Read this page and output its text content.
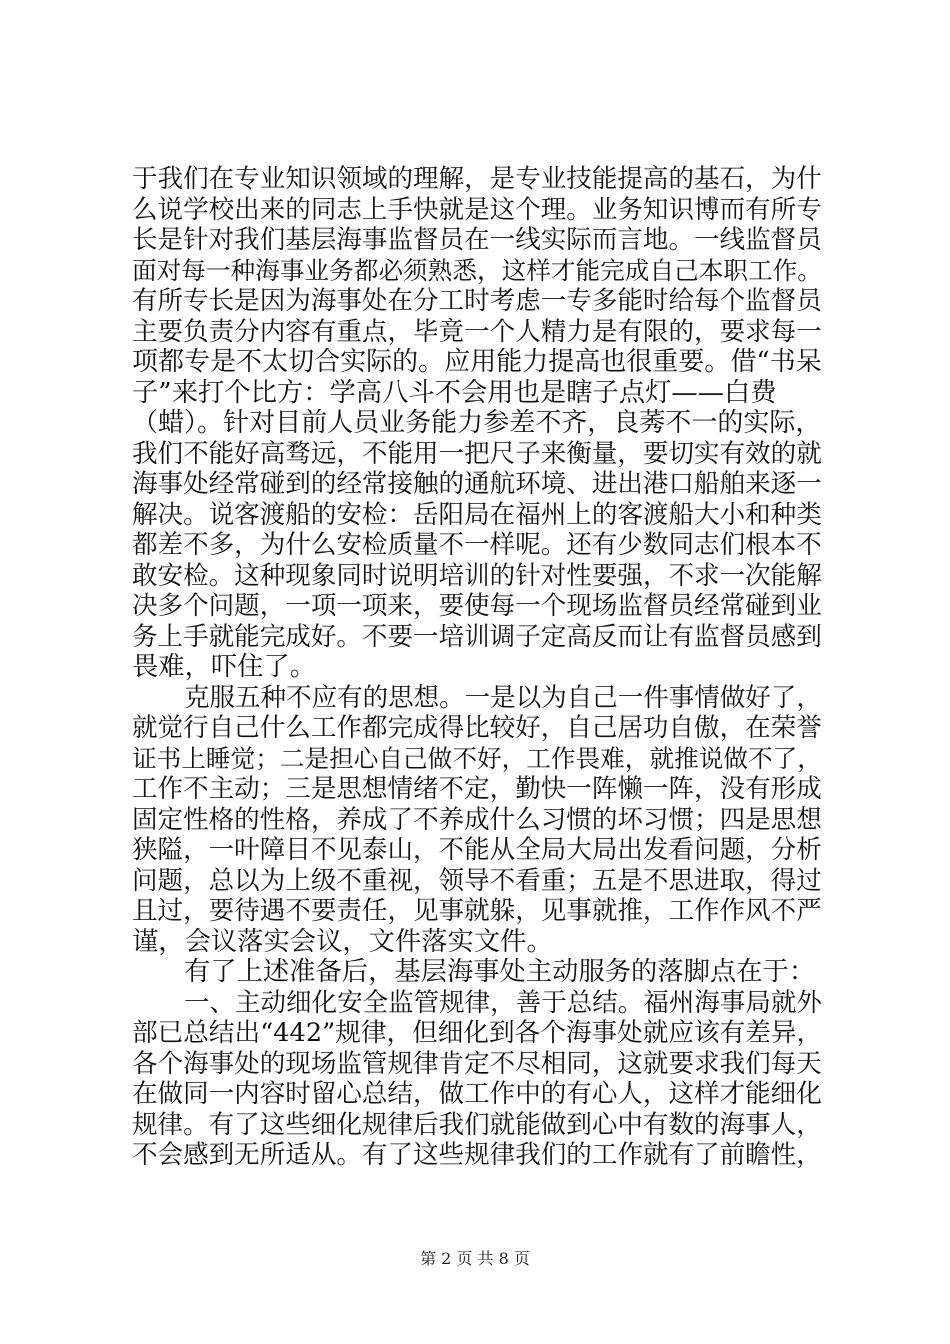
于我们在专业知识领域的理解，是专业技能提高的基石，为什
么说学校出来的同志上手快就是这个理。业务知识博而有所专
长是针对我们基层海事监督员在一线实际而言地。一线监督员
面对每一种海事业务都必须熟悉，这样才能完成自己本职工作。
有所专长是因为海事处在分工时考虑一专多能时给每个监督员
主要负责分内容有重点，毕竟一个人精力是有限的，要求每一
项都专是不太切合实际的。应用能力提高也很重要。借“书呆
子”来打个比方：学高八斗不会用也是瞎子点灯——白费
（蜡）。针对目前人员业务能力参差不齐，良莠不一的实际，
我们不能好高骛远，不能用一把尺子来衡量，要切实有效的就
海事处经常碰到的经常接触的通航环境、进出港口船舶来逐一
解决。说客渡船的安检：岳阳局在福州上的客渡船大小和种类
都差不多，为什么安检质量不一样呢。还有少数同志们根本不
敢安检。这种现象同时说明培训的针对性要强，不求一次能解
决多个问题，一项一项来，要使每一个现场监督员经常碰到业
务上手就能完成好。不要一培训调子定高反而让有监督员感到
畏难，吓住了。
克服五种不应有的思想。一是以为自己一件事情做好了，
就觉行自己什么工作都完成得比较好，自己居功自傲，在荣誉
证书上睡觉；二是担心自己做不好，工作畏难，就推说做不了，
工作不主动；三是思想情绪不定，勤快一阵懒一阵，没有形成
固定性格的性格，养成了不养成什么习惯的坏习惯；四是思想
狭隘，一叶障目不见泰山，不能从全局大局出发看问题，分析
问题，总以为上级不重视，领导不看重；五是不思进取，得过
且过，要待遇不要责任，见事就躲，见事就推，工作作风不严
谨，会议落实会议，文件落实文件。
有了上述准备后，基层海事处主动服务的落脚点在于：
一、主动细化安全监管规律，善于总结。福州海事局就外
部已总结出“442”规律，但细化到各个海事处就应该有差异，
各个海事处的现场监管规律肯定不尽相同，这就要求我们每天
在做同一内容时留心总结，做工作中的有心人，这样才能细化
规律。有了这些细化规律后我们就能做到心中有数的海事人，
不会感到无所适从。有了这些规律我们的工作就有了前瞻性，
第 2 页 共 8 页
